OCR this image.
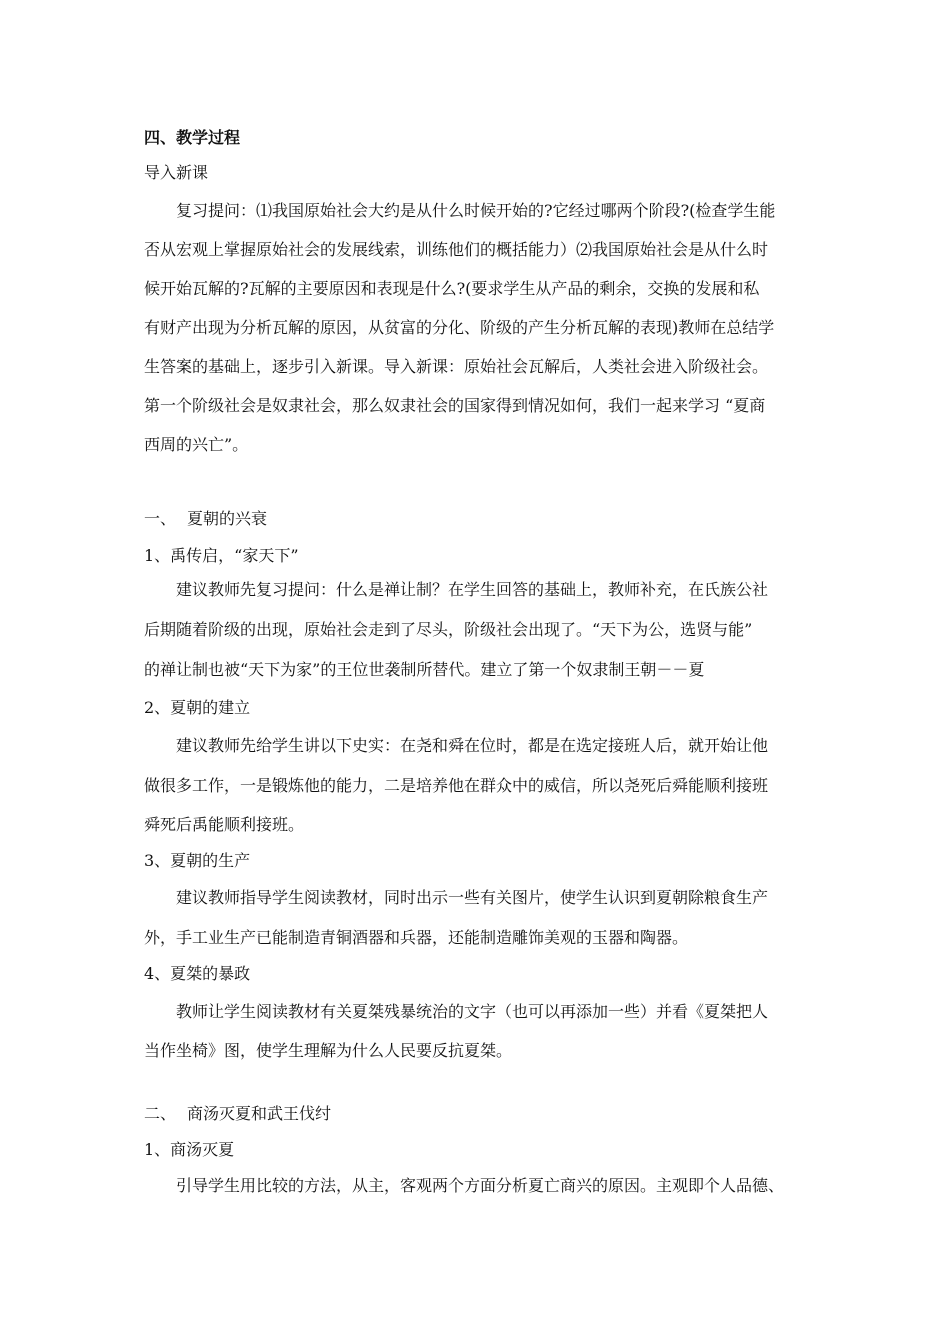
四、教学过程
导入新课
复习提问：⑴我国原始社会大约是从什么时候开始的?它经过哪两个阶段?(检查学生能
否从宏观上掌握原始社会的发展线索，训练他们的概括能力）⑵我国原始社会是从什么时
候开始瓦解的?瓦解的主要原因和表现是什么?(要求学生从产品的剩余，交换的发展和私
有财产出现为分析瓦解的原因，从贫富的分化、阶级的产生分析瓦解的表现)教师在总结学
生答案的基础上，逐步引入新课。导入新课：原始社会瓦解后，人类社会进入阶级社会。
第一个阶级社会是奴隶社会，那么奴隶社会的国家得到情况如何，我们一起来学习 “夏商
西周的兴亡”。
一、 夏朝的兴衰
1、禹传启，“家天下”
建议教师先复习提问：什么是禅让制？在学生回答的基础上，教师补充，在氏族公社
后期随着阶级的出现，原始社会走到了尽头，阶级社会出现了。“天下为公，选贤与能”
的禅让制也被“天下为家”的王位世袭制所替代。建立了第一个奴隶制王朝－－夏
2、夏朝的建立
建议教师先给学生讲以下史实：在尧和舜在位时，都是在选定接班人后，就开始让他
做很多工作，一是锻炼他的能力，二是培养他在群众中的威信，所以尧死后舜能顺利接班
舜死后禹能顺利接班。
3、夏朝的生产
建议教师指导学生阅读教材，同时出示一些有关图片，使学生认识到夏朝除粮食生产
外，手工业生产已能制造青铜酒器和兵器，还能制造雕饰美观的玉器和陶器。
4、夏桀的暴政
教师让学生阅读教材有关夏桀残暴统治的文字（也可以再添加一些）并看《夏桀把人
当作坐椅》图，使学生理解为什么人民要反抗夏桀。
二、 商汤灭夏和武王伐纣
1、商汤灭夏
引导学生用比较的方法，从主，客观两个方面分析夏亡商兴的原因。主观即个人品德、
